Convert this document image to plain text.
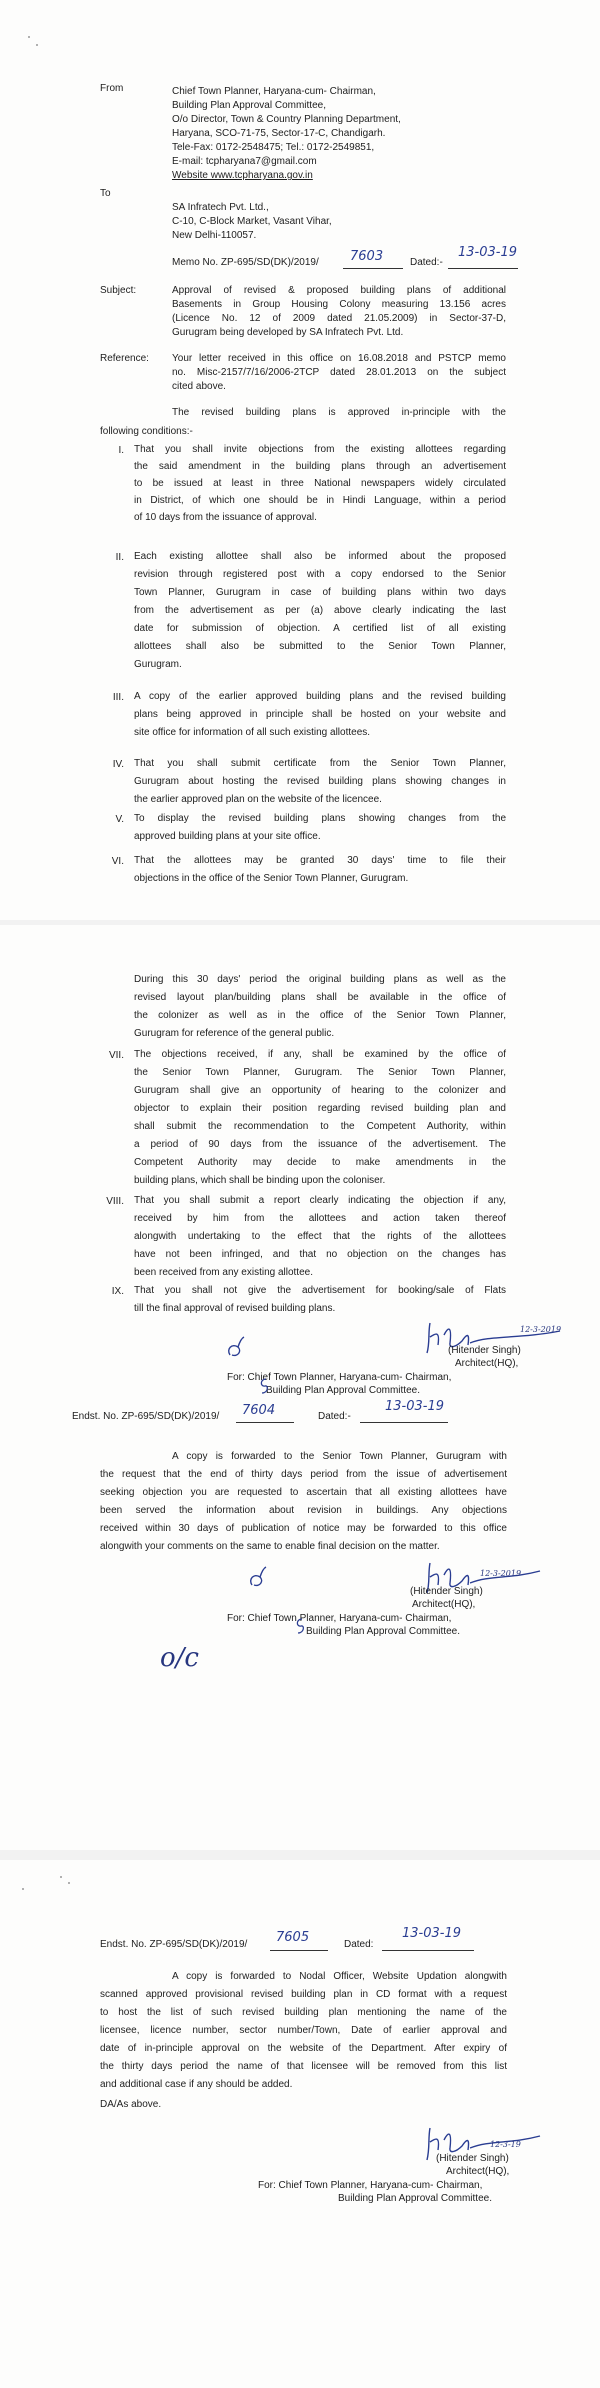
From	Chief Town Planner, Haryana-cum- Chairman,
Building Plan Approval Committee,
O/o Director, Town & Country Planning Department,
Haryana, SCO-71-75, Sector-17-C, Chandigarh.
Tele-Fax: 0172-2548475; Tel.: 0172-2549851,
E-mail: tcpharyana7@gmail.com
Website www.tcpharyana.gov.in
To
SA Infratech Pvt. Ltd.,
C-10, C-Block Market, Vasant Vihar,
New Delhi-110057.
Memo No. ZP-695/SD(DK)/2019/ 7603	Dated:-
13-03-19
Subject:	Approval of revised & proposed building plans of additional
Basements in Group Housing Colony measuring 13.156 acres
(Licence No. 12 of 2009 dated 21.05.2009) in Sector-37-D,
Gurugram being developed by SA Infratech Pvt. Ltd.
Reference: Your letter received in this office on 16.08.2018 and PSTCP memo
no. Misc-2157/7/16/2006-2TCP dated 28.01.2013 on the subject
cited above.
The revised building plans is approved in-principle with the
following conditions:-
I. That you shall invite objections from the existing allottees regarding
the said amendment in the building plans through an advertisement
to be issued at least in three National newspapers widely circulated
in District, of which one should be in Hindi Language, within a period
of 10 days from the issuance of approval.
II. Each existing allottee shall also be informed about the proposed
revision through registered post with a copy endorsed to the Senior
Town Planner, Gurugram in case of building plans within two days
from the advertisement as per (a) above clearly indicating the last
date for submission of objection. A certified list of all existing
allottees shall also be submitted to the Senior Town Planner,
Gurugram.
III. A copy of the earlier approved building plans and the revised building
plans being approved in principle shall be hosted on your website and
site office for information of all such existing allottees.
IV. That you shall submit certificate from the Senior Town Planner,
Gurugram about hosting the revised building plans showing changes in
the earlier approved plan on the website of the licencee.
V. To display the revised building plans showing changes from the
approved building plans at your site office.
VI. That the allottees may be granted 30 days' time to file their
objections in the office of the Senior Town Planner, Gurugram.
During this 30 days' period the original building plans as well as the
revised layout plan/building plans shall be available in the office of
the colonizer as well as in the office of the Senior Town Planner,
Gurugram for reference of the general public.
VII. The objections received, if any, shall be examined by the office of
the Senior Town Planner, Gurugram. The Senior Town Planner,
Gurugram shall give an opportunity of hearing to the colonizer and
objector to explain their position regarding revised building plan and
shall submit the recommendation to the Competent Authority, within
a period of 90 days from the issuance of the advertisement. The
Competent Authority may decide to make amendments in the
building plans, which shall be binding upon the coloniser.
VIII. That you shall submit a report clearly indicating the objection if any,
received by him from the allottees and action taken thereof
alongwith undertaking to the effect that the rights of the allottees
have not been infringed, and that no objection on the changes has
been received from any existing allottee.
IX. That you shall not give the advertisement for booking/sale of Flats
till the final approval of revised building plans.
12-3-2019
(Hitender Singh)
Architect(HQ),
For: Chief Town Planner, Haryana-cum- Chairman,
Building Plan Approval Committee.
Endst. No. ZP-695/SD(DK)/2019/ 7604	Dated:-
13-03-19
A copy is forwarded to the Senior Town Planner, Gurugram with
the request that the end of thirty days period from the issue of advertisement
seeking objection you are requested to ascertain that all existing allottees have
been served the information about revision in buildings. Any objections
received within 30 days of publication of notice may be forwarded to this office
alongwith your comments on the same to enable final decision on the matter.
12-3-2019
(Hitender Singh)
Architect(HQ),
For: Chief Town Planner, Haryana-cum- Chairman,
Building Plan Approval Committee.
o/c
Endst. No. ZP-695/SD(DK)/2019/ 7605	Dated:
13-03-19
A copy is forwarded to Nodal Officer, Website Updation alongwith
scanned approved provisional revised building plan in CD format with a request
to host the list of such revised building plan mentioning the name of the
licensee, licence number, sector number/Town, Date of earlier approval and
date of in-principle approval on the website of the Department. After expiry of
the thirty days period the name of that licensee will be removed from this list
and additional case if any should be added.
DA/As above.
12-3-19
(Hitender Singh)
Architect(HQ),
For: Chief Town Planner, Haryana-cum- Chairman,
Building Plan Approval Committee.
